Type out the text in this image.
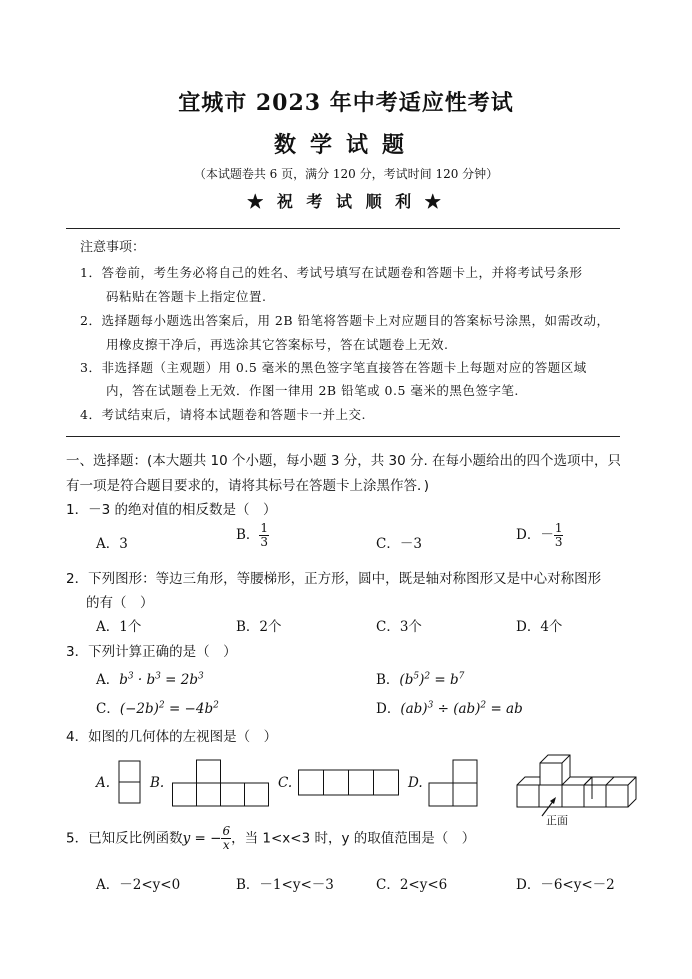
宜城市 2023 年中考适应性考试
数学试题
（本试题卷共 6 页，满分 120 分，考试时间 120 分钟）
★ 祝 考 试 顺 利 ★
注意事项：
1．答卷前，考生务必将自己的姓名、考试号填写在试题卷和答题卡上，并将考试号条形
码粘贴在答题卡上指定位置.
2．选择题每小题选出答案后，用 2B 铅笔将答题卡上对应题目的答案标号涂黑，如需改动，
用橡皮擦干净后，再选涂其它答案标号，答在试题卷上无效.
3．非选择题（主观题）用 0.5 毫米的黑色签字笔直接答在答题卡上每题对应的答题区域
内，答在试题卷上无效．作图一律用 2B 铅笔或 0.5 毫米的黑色签字笔.
4．考试结束后，请将本试题卷和答题卡一并上交.
一、选择题：(本大题共 10 个小题，每小题 3 分，共 30 分. 在每小题给出的四个选项中，只
有一项是符合题目要求的，请将其标号在答题卡上涂黑作答．)
1．－3 的绝对值的相反数是（　）
A．3
B． $\frac{1}{3}$	C．－3
D．－ $\frac{1}{3}$
2．下列图形：等边三角形，等腰梯形，正方形，圆中，既是轴对称图形又是中心对称图形
的有（　）
A．1个	B．2个	C．3个	D．4个
3．下列计算正确的是（　）
A．$b^3 \cdot b^3 = 2b^3$	B．$(b^5)^2 = b^7$
C．$(-2b)^2 = -4b^2$	D．(ab)$^3$ ÷ (ab)$^2$ = ab
4．如图的几何体的左视图是（　）
A.	B.	C.	D.
正面
5．已知反比例函数y = − $\frac{6}{x}$ ，当 1<x<3 时，y 的取值范围是（　）
A．－2<y<0	B．－1<y<－3	C．2<y<6	D．－6<y<－2
